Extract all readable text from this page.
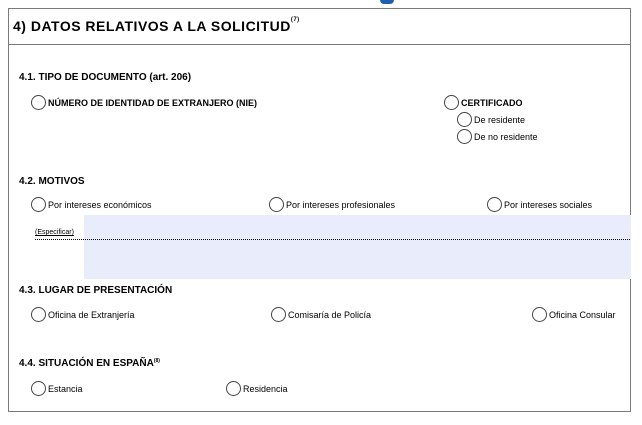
4) DATOS RELATIVOS A LA SOLICITUD$^{(7)}$
4.1. TIPO DE DOCUMENTO (art. 206)
NÚMERO DE IDENTIDAD DE EXTRANJERO (NIE)	CERTIFICADO
De residente
De no residente
4.2. MOTIVOS
Por intereses económicos	Por intereses profesionales	Por intereses sociales
(Especificar)
4.3. LUGAR DE PRESENTACIÓN
Oficina de Extranjería	Comisaría de Policía	Oficina Consular
4.4. SITUACIÓN EN ESPAÑA$^{(8)}$
Estancia	Residencia
